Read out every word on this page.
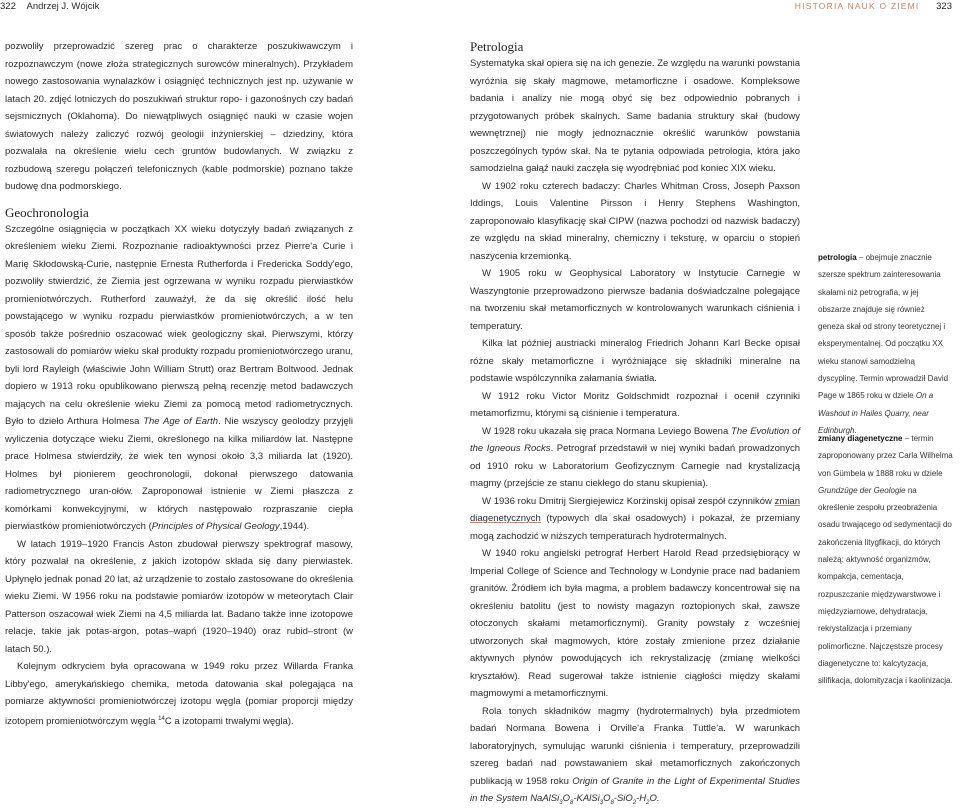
322 Andrzej J. Wójcik	HISTORIA NAUK O ZIEMI 323

pozwoliły przeprowadzić szereg prac o charakterze poszukiwawczym i rozpoznawczym (nowe złoża strategicznych surowców mineralnych). Przykładem nowego zastosowania wynalazków i osiągnięć technicznych jest np. używanie w latach 20. zdjęć lotniczych do poszukiwań struktur ropo- i gazonośnych czy badań sejsmicznych (Oklahoma). Do niewątpliwych osiągnięć nauki w czasie wojen światowych należy zaliczyć rozwój geologii inżynierskiej – dziedziny, która pozwalała na określenie wielu cech gruntów budowlanych. W związku z rozbudową szeregu połączeń telefonicznych (kable podmorskie) poznano także budowę dna podmorskiego.

Geochronologia

Szczególne osiągnięcia w początkach XX wieku dotyczyły badań związanych z określeniem wieku Ziemi. Rozpoznanie radioaktywności przez Pierre'a Curie i Marię Skłodowską-Curie, następnie Ernesta Rutherforda i Fredericka Soddy'ego, pozwoliły stwierdzić, że Ziemia jest ogrzewana w wyniku rozpadu pierwiastków promieniotwórczych. Rutherford zauważył, że da się określić ilość helu powstającego w wyniku rozpadu pierwiastków promieniotwórczych, a w ten sposób także pośrednio oszacować wiek geologiczny skał. Pierwszymi, którzy zastosowali do pomiarów wieku skał produkty rozpadu promieniotwórczego uranu, byli lord Rayleigh (właściwie John William Strutt) oraz Bertram Boltwood. Jednak dopiero w 1913 roku opublikowano pierwszą pełną recenzję metod badawczych mających na celu określenie wieku Ziemi za pomocą metod radiometrycznych. Było to dzieło Arthura Holmesa The Age of Earth. Nie wszyscy geolodzy przyjęli wyliczenia dotyczące wieku Ziemi, określonego na kilka miliardów lat. Następne prace Holmesa stwierdziły, że wiek ten wynosi około 3,3 miliarda lat (1920). Holmes był pionierem geochronologii, dokonał pierwszego datowania radiometrycznego uran-ołów. Zaproponował istnienie w Ziemi płaszcza z komórkami konwekcyjnymi, w których następowało rozpraszanie ciepła pierwiastków promieniotwórczych (Principles of Physical Geology,1944).

W latach 1919–1920 Francis Aston zbudował pierwszy spektrograf masowy, który pozwalał na określenie, z jakich izotopów składa się dany pierwiastek. Upłynęło jednak ponad 20 lat, aż urządzenie to zostało zastosowane do określenia wieku Ziemi. W 1956 roku na podstawie pomiarów izotopów w meteorytach Clair Patterson oszacował wiek Ziemi na 4,5 miliarda lat. Badano także inne izotopowe relacje, takie jak potas-argon, potas–wapń (1920–1940) oraz rubid–stront (w latach 50.).

Kolejnym odkryciem była opracowana w 1949 roku przez Willarda Franka Libby'ego, amerykańskiego chemika, metoda datowania skał polegająca na pomiarze aktywności promieniotwórczej izotopu węgla (pomiar proporcji między izotopem promieniotwórczym węgla $^{14}$C a izotopami trwałymi węgla).

Petrologia

Systematyka skał opiera się na ich genezie. Ze względu na warunki powstania wyróżnia się skały magmowe, metamorficzne i osadowe. Kompleksowe badania i analizy nie mogą obyć się bez odpowiednio pobranych i przygotowanych próbek skalnych. Same badania struktury skał (budowy wewnętrznej) nie mogły jednoznacznie określić warunków powstania poszczególnych typów skał. Na te pytania odpowiada petrologia, która jako samodzielna gałąź nauki zaczęła się wyodrębniać pod koniec XIX wieku.

W 1902 roku czterech badaczy: Charles Whitman Cross, Joseph Paxson Iddings, Louis Valentine Pirsson i Henry Stephens Washington, zaproponowało klasyfikację skał CIPW (nazwa pochodzi od nazwisk badaczy) ze względu na skład mineralny, chemiczny i teksturę, w oparciu o stopień naszycenia krzemionką.

W 1905 roku w Geophysical Laboratory w Instytucie Carnegie w Waszyngtonie przeprowadzono pierwsze badania doświadczalne polegające na tworzeniu skał metamorficznych w kontrolowanych warunkach ciśnienia i temperatury.

Kilka lat później austriacki mineralog Friedrich Johann Karl Becke opisał różne skały metamorficzne i wyróżniające się składniki mineralne na podstawie wspólczynnika załamania światła.

W 1912 roku Victor Moritz Goldschmidt rozpoznał i ocenił czynniki metamorfizmu, którymi są ciśnienie i temperatura.

W 1928 roku ukazała się praca Normana Leviego Bowena The Evolution of the Igneous Rocks. Petrograf przedstawił w niej wyniki badań prowadzonych od 1910 roku w Laboratorium Geofizycznym Carnegie nad krystalizacją magmy (przejście ze stanu ciekłego do stanu skupienia).

W 1936 roku Dmitrij Siergiejewicz Korżinskij opisał zespół czynników zmian diagenetycznych (typowych dla skał osadowych) i pokazał, że przemiany mogą zachodzić w niższych temperaturach hydrotermalnych.

W 1940 roku angielski petrograf Herbert Harold Read przedsiębiorący w Imperial College of Science and Technology w Londynie prace nad badaniem granitów. Źródłem ich była magma, a problem badawczy koncentrował się na określeniu batolitu (jest to nowisty magazyn roztopionych skał, zawsze otoczonych skałami metamorficznymi). Granity powstały z wcześniej utworzonych skał magmowych, które zostały zmienione przez działanie aktywnych płynów powodujących ich rekrystalizację (zmianę wielkości kryształów). Read sugerował także istnienie ciągłości między skałami magmowymi a metamorficznymi.

Rola tonych składników magmy (hydrotermalnych) była przedmiotem badań Normana Bowena i Orville'a Franka Tuttle'a. W warunkach laboratoryjnych, symulując warunki ciśnienia i temperatury, przeprowadzili szereg badań nad powstawaniem skał metamorficznych zakończonych publikacją w 1958 roku Origin of Granite in the Light of Experimental Studies in the System $NaAlSi_3O_8-KAlSi_3O_8-SiO_2-H_2O$.

petrologia – obejmuje znacznie szersze spektrum zainteresowania skałami niż petrografia, w jej obszarze znajduje się również geneza skał od strony teoretycznej i eksperymentalnej. Od początku XX wieku stanowi samodzielną dyscyplinę. Termin wprowadził David Page w 1865 roku w dziele On a Washout in Hailes Quarry, near Edinburgh.

zmiany diagenetyczne – termin zaproponowany przez Carla Wilhelma von Gümbela w 1888 roku w dziele Grundzüge der Geologie na określenie zespołu przeobrażenia osadu trwającego od sedymentacji do zakończenia litygfikacji, do których należą: aktywność organizmów, kompakcja, cementacja, rozpuszczanie międzywarstwowe i międzyziarnowe, dehydratacja, rekrystalizacja i przemiany polimorficzne. Najczęstsze procesy diagenetyczne to: kalcytyzacja, silifikacja, dolomityzacja i kaolinizacja.
